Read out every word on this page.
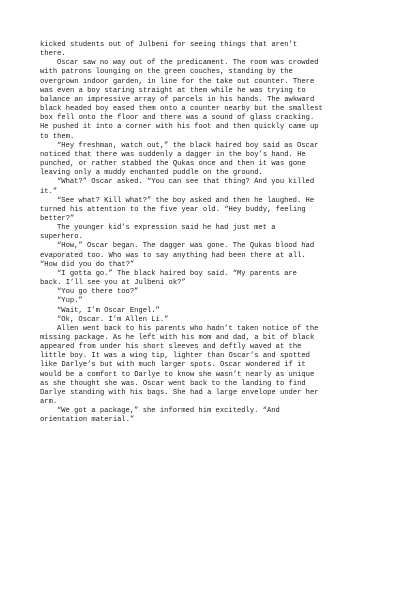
kicked students out of Julbeni for seeing things that aren’t

there.

Oscar saw no way out of the predicament. The room was crowded

with patrons lounging on the green couches, standing by the

overgrown indoor garden, in line for the take out counter. There

was even a boy staring straight at them while he was trying to

balance an impressive array of parcels in his hands. The awkward

black headed boy eased them onto a counter nearby but the smallest

box fell onto the floor and there was a sound of glass cracking.

He pushed it into a corner with his foot and then quickly came up

to them.

“Hey freshman, watch out,” the black haired boy said as Oscar

noticed that there was suddenly a dagger in the boy’s hand. He

punched, or rather stabbed the Qukas once and then it was gone

leaving only a muddy enchanted puddle on the ground.

“What?” Oscar asked. “You can see that thing? And you killed

it.”

“See what? Kill what?” the boy asked and then he laughed. He

turned his attention to the five year old. “Hey buddy, feeling

better?”

The younger kid’s expression said he had just met a

superhero.

“How,” Oscar began. The dagger was gone. The Qukas blood had

evaporated too. Who was to say anything had been there at all.

“How did you do that?”

“I gotta go.” The black haired boy said. “My parents are

back. I’ll see you at Julbeni ok?”

“You go there too?”

“Yup.”

“Wait, I’m Oscar Engel.”

“Ok, Oscar. I’m Allen Li.”

Allen went back to his parents who hadn’t taken notice of the

missing package. As he left with his mom and dad, a bit of black

appeared from under his short sleeves and deftly waved at the

little boy. It was a wing tip, lighter than Oscar’s and spotted

like Darlye’s but with much larger spots. Oscar wondered if it

would be a comfort to Darlye to know she wasn’t nearly as unique

as she thought she was. Oscar went back to the landing to find

Darlye standing with his bags. She had a large envelope under her

arm.

“We got a package,” she informed him excitedly. “And

orientation material.”
